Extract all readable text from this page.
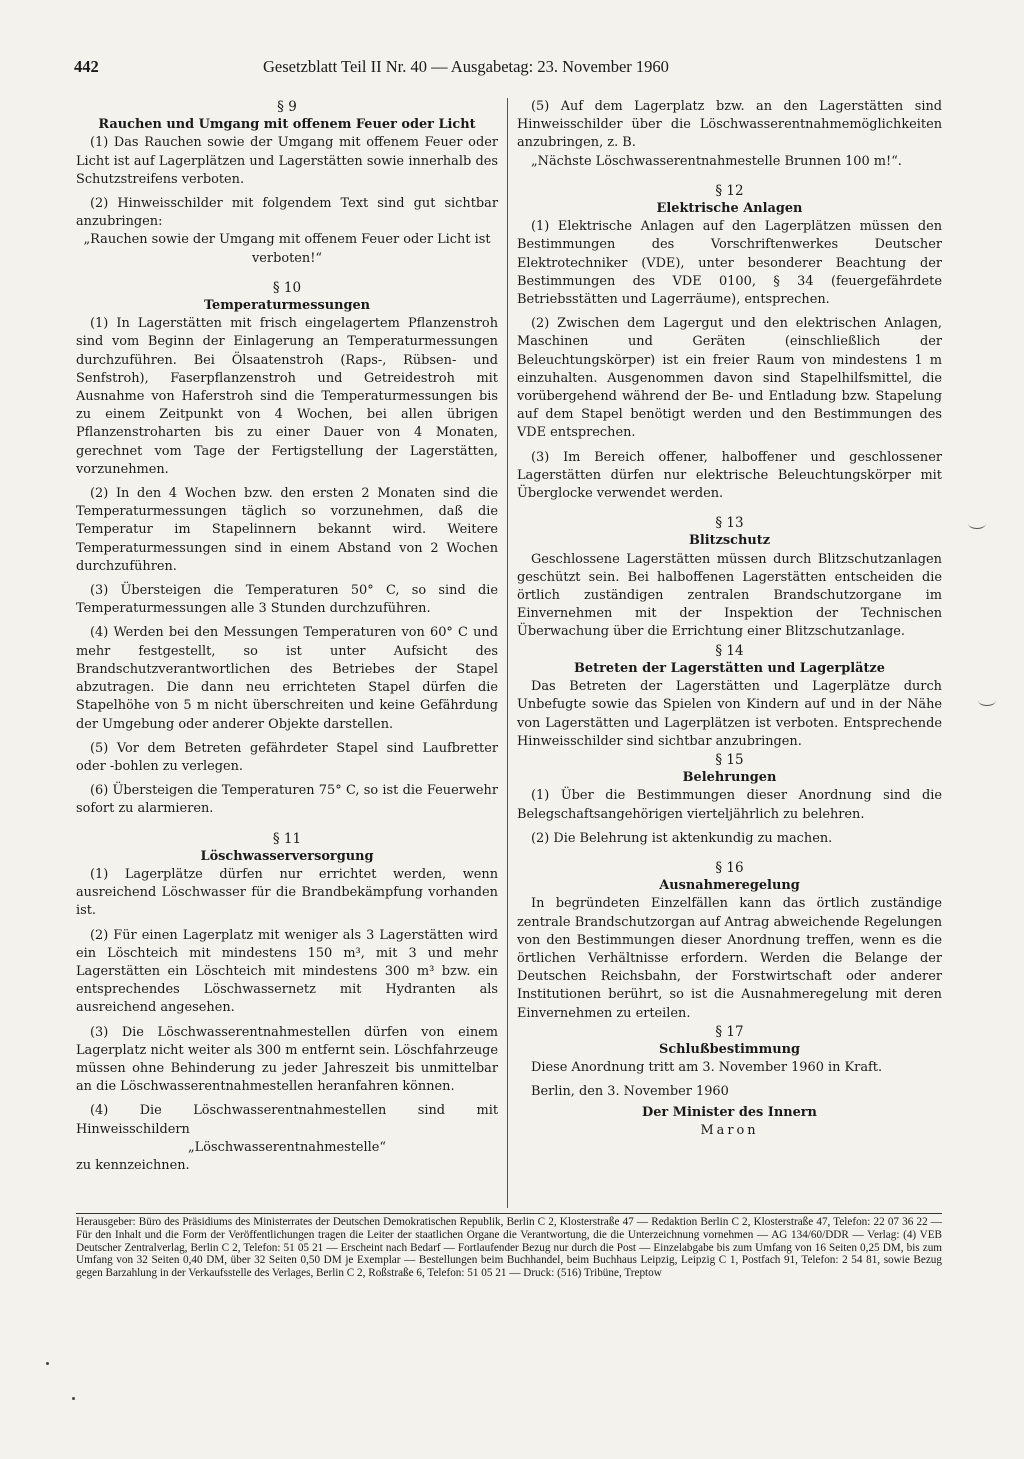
442	Gesetzblatt Teil II Nr. 40 — Ausgabetag: 23. November 1960
§ 9
Rauchen und Umgang mit offenem Feuer oder Licht

(1) Das Rauchen sowie der Umgang mit offenem Feuer oder Licht ist auf Lagerplätzen und Lagerstätten sowie innerhalb des Schutzstreifens verboten.

(2) Hinweisschilder mit folgendem Text sind gut sichtbar anzubringen:

„Rauchen sowie der Umgang mit offenem Feuer oder Licht ist verboten!“

§ 10
Temperaturmessungen

(1) In Lagerstätten mit frisch eingelagertem Pflanzenstroh sind vom Beginn der Einlagerung an Temperaturmessungen durchzuführen. Bei Ölsaatenstroh (Raps-, Rübsen- und Senfstroh), Faserpflanzenstroh und Getreidestroh mit Ausnahme von Haferstroh sind die Temperaturmessungen bis zu einem Zeitpunkt von 4 Wochen, bei allen übrigen Pflanzenstroharten bis zu einer Dauer von 4 Monaten, gerechnet vom Tage der Fertigstellung der Lagerstätten, vorzunehmen.

(2) In den 4 Wochen bzw. den ersten 2 Monaten sind die Temperaturmessungen täglich so vorzunehmen, daß die Temperatur im Stapelinnern bekannt wird. Weitere Temperaturmessungen sind in einem Abstand von 2 Wochen durchzuführen.

(3) Übersteigen die Temperaturen 50° C, so sind die Temperaturmessungen alle 3 Stunden durchzuführen.

(4) Werden bei den Messungen Temperaturen von 60° C und mehr festgestellt, so ist unter Aufsicht des Brandschutzverantwortlichen des Betriebes der Stapel abzutragen. Die dann neu errichteten Stapel dürfen die Stapelhöhe von 5 m nicht überschreiten und keine Gefährdung der Umgebung oder anderer Objekte darstellen.

(5) Vor dem Betreten gefährdeter Stapel sind Laufbretter oder -bohlen zu verlegen.

(6) Übersteigen die Temperaturen 75° C, so ist die Feuerwehr sofort zu alarmieren.

§ 11
Löschwasserversorgung

(1) Lagerplätze dürfen nur errichtet werden, wenn ausreichend Löschwasser für die Brandbekämpfung vorhanden ist.

(2) Für einen Lagerplatz mit weniger als 3 Lagerstätten wird ein Löschteich mit mindestens 150 m³, mit 3 und mehr Lagerstätten ein Löschteich mit mindestens 300 m³ bzw. ein entsprechendes Löschwassernetz mit Hydranten als ausreichend angesehen.

(3) Die Löschwasserentnahmestellen dürfen von einem Lagerplatz nicht weiter als 300 m entfernt sein. Löschfahrzeuge müssen ohne Behinderung zu jeder Jahreszeit bis unmittelbar an die Löschwasserentnahmestellen heranfahren können.

(4) Die Löschwasserentnahmestellen sind mit Hinweisschildern

„Löschwasserentnahmestelle“

zu kennzeichnen.

(5) Auf dem Lagerplatz bzw. an den Lagerstätten sind Hinweisschilder über die Löschwasserentnahmemöglichkeiten anzubringen, z. B.

„Nächste Löschwasserentnahmestelle Brunnen 100 m!“.

§ 12
Elektrische Anlagen

(1) Elektrische Anlagen auf den Lagerplätzen müssen den Bestimmungen des Vorschriftenwerkes Deutscher Elektrotechniker (VDE), unter besonderer Beachtung der Bestimmungen des VDE 0100, § 34 (feuergefährdete Betriebsstätten und Lagerräume), entsprechen.

(2) Zwischen dem Lagergut und den elektrischen Anlagen, Maschinen und Geräten (einschließlich der Beleuchtungskörper) ist ein freier Raum von mindestens 1 m einzuhalten. Ausgenommen davon sind Stapelhilfsmittel, die vorübergehend während der Be- und Entladung bzw. Stapelung auf dem Stapel benötigt werden und den Bestimmungen des VDE entsprechen.

(3) Im Bereich offener, halboffener und geschlossener Lagerstätten dürfen nur elektrische Beleuchtungskörper mit Überglocke verwendet werden.

§ 13
Blitzschutz

Geschlossene Lagerstätten müssen durch Blitzschutzanlagen geschützt sein. Bei halboffenen Lagerstätten entscheiden die örtlich zuständigen zentralen Brandschutzorgane im Einvernehmen mit der Inspektion der Technischen Überwachung über die Errichtung einer Blitzschutzanlage.

§ 14
Betreten der Lagerstätten und Lagerplätze

Das Betreten der Lagerstätten und Lagerplätze durch Unbefugte sowie das Spielen von Kindern auf und in der Nähe von Lagerstätten und Lagerplätzen ist verboten. Entsprechende Hinweisschilder sind sichtbar anzubringen.

§ 15
Belehrungen

(1) Über die Bestimmungen dieser Anordnung sind die Belegschaftsangehörigen vierteljährlich zu belehren.

(2) Die Belehrung ist aktenkundig zu machen.

§ 16
Ausnahmeregelung

In begründeten Einzelfällen kann das örtlich zuständige zentrale Brandschutzorgan auf Antrag abweichende Regelungen von den Bestimmungen dieser Anordnung treffen, wenn es die örtlichen Verhältnisse erfordern. Werden die Belange der Deutschen Reichsbahn, der Forstwirtschaft oder anderer Institutionen berührt, so ist die Ausnahmeregelung mit deren Einvernehmen zu erteilen.

§ 17
Schlußbestimmung

Diese Anordnung tritt am 3. November 1960 in Kraft.

Berlin, den 3. November 1960

Der Minister des Innern

Maron

Herausgeber: Büro des Präsidiums des Ministerrates der Deutschen Demokratischen Republik, Berlin C 2, Klosterstraße 47 — Redaktion Berlin C 2, Klosterstraße 47, Telefon: 22 07 36 22 — Für den Inhalt und die Form der Veröffentlichungen tragen die Leiter der staatlichen Organe die Verantwortung, die die Unterzeichnung vornehmen — AG 134/60/DDR — Verlag: (4) VEB Deutscher Zentralverlag, Berlin C 2, Telefon: 51 05 21 — Erscheint nach Bedarf — Fortlaufender Bezug nur durch die Post — Einzelabgabe bis zum Umfang von 16 Seiten 0,25 DM, bis zum Umfang von 32 Seiten 0,40 DM, über 32 Seiten 0,50 DM je Exemplar — Bestellungen beim Buchhandel, beim Buchhaus Leipzig, Leipzig C 1, Postfach 91, Telefon: 2 54 81, sowie Bezug gegen Barzahlung in der Verkaufsstelle des Verlages, Berlin C 2, Roßstraße 6, Telefon: 51 05 21 — Druck: (516) Tribüne, Treptow
